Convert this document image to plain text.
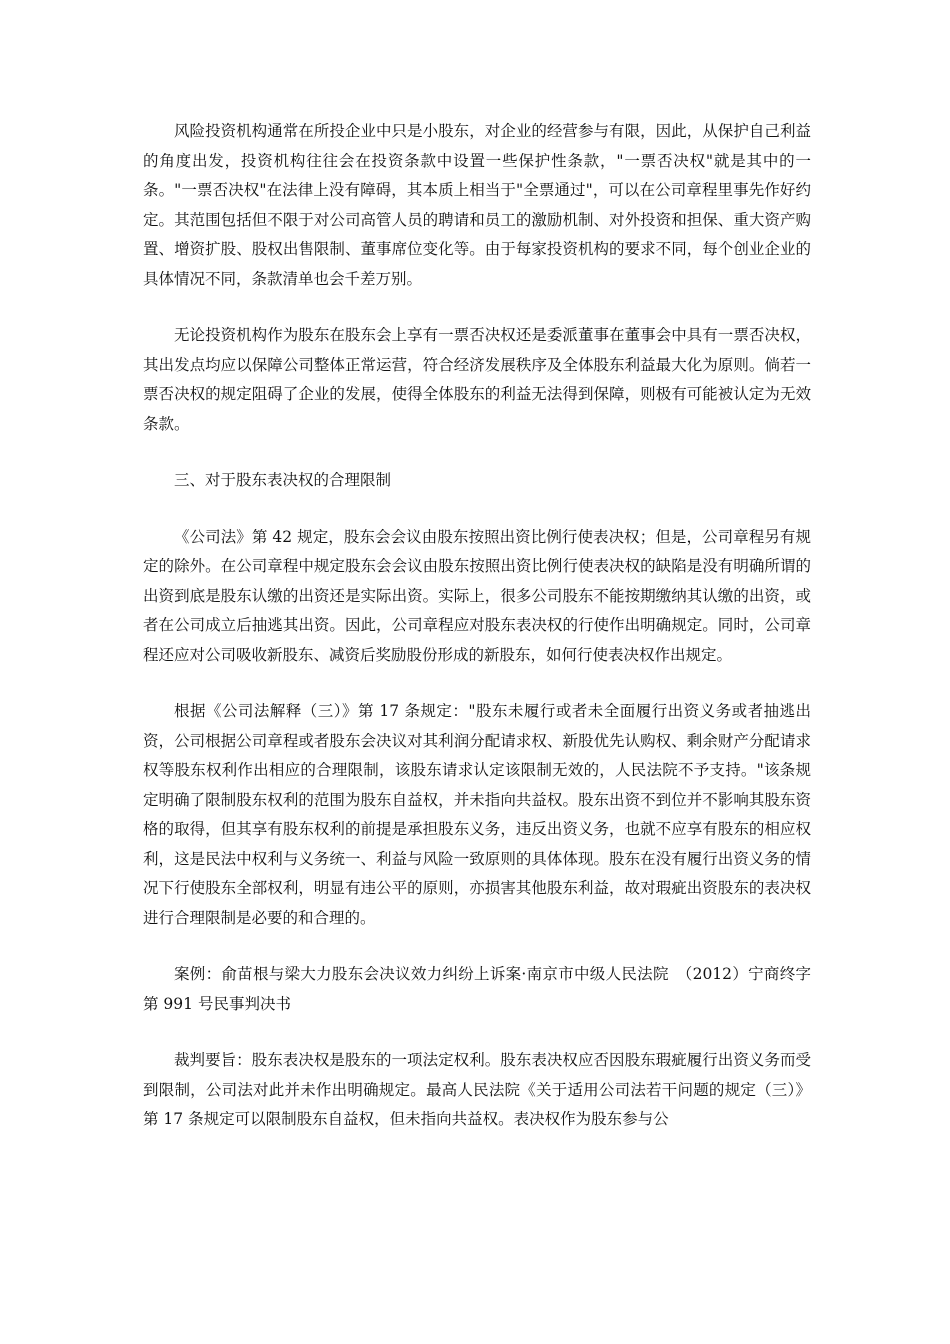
风险投资机构通常在所投企业中只是小股东，对企业的经营参与有限，因此，从保护自己利益的角度出发，投资机构往往会在投资条款中设置一些保护性条款，"一票否决权"就是其中的一条。"一票否决权"在法律上没有障碍，其本质上相当于"全票通过"，可以在公司章程里事先作好约定。其范围包括但不限于对公司高管人员的聘请和员工的激励机制、对外投资和担保、重大资产购置、增资扩股、股权出售限制、董事席位变化等。由于每家投资机构的要求不同，每个创业企业的具体情况不同，条款清单也会千差万别。

无论投资机构作为股东在股东会上享有一票否决权还是委派董事在董事会中具有一票否决权，其出发点均应以保障公司整体正常运营，符合经济发展秩序及全体股东利益最大化为原则。倘若一票否决权的规定阻碍了企业的发展，使得全体股东的利益无法得到保障，则极有可能被认定为无效条款。

三、对于股东表决权的合理限制

《公司法》第 42 规定，股东会会议由股东按照出资比例行使表决权；但是，公司章程另有规定的除外。在公司章程中规定股东会会议由股东按照出资比例行使表决权的缺陷是没有明确所谓的出资到底是股东认缴的出资还是实际出资。实际上，很多公司股东不能按期缴纳其认缴的出资，或者在公司成立后抽逃其出资。因此，公司章程应对股东表决权的行使作出明确规定。同时，公司章程还应对公司吸收新股东、减资后奖励股份形成的新股东，如何行使表决权作出规定。

根据《公司法解释（三）》第 17 条规定："股东未履行或者未全面履行出资义务或者抽逃出资，公司根据公司章程或者股东会决议对其利润分配请求权、新股优先认购权、剩余财产分配请求权等股东权利作出相应的合理限制，该股东请求认定该限制无效的，人民法院不予支持。"该条规定明确了限制股东权利的范围为股东自益权，并未指向共益权。股东出资不到位并不影响其股东资格的取得，但其享有股东权利的前提是承担股东义务，违反出资义务，也就不应享有股东的相应权利，这是民法中权利与义务统一、利益与风险一致原则的具体体现。股东在没有履行出资义务的情况下行使股东全部权利，明显有违公平的原则，亦损害其他股东利益，故对瑕疵出资股东的表决权进行合理限制是必要的和合理的。

案例：俞苗根与梁大力股东会决议效力纠纷上诉案·南京市中级人民法院　（2012）宁商终字第 991 号民事判决书

裁判要旨：股东表决权是股东的一项法定权利。股东表决权应否因股东瑕疵履行出资义务而受到限制，公司法对此并未作出明确规定。最高人民法院《关于适用公司法若干问题的规定（三）》第 17 条规定可以限制股东自益权，但未指向共益权。表决权作为股东参与公
